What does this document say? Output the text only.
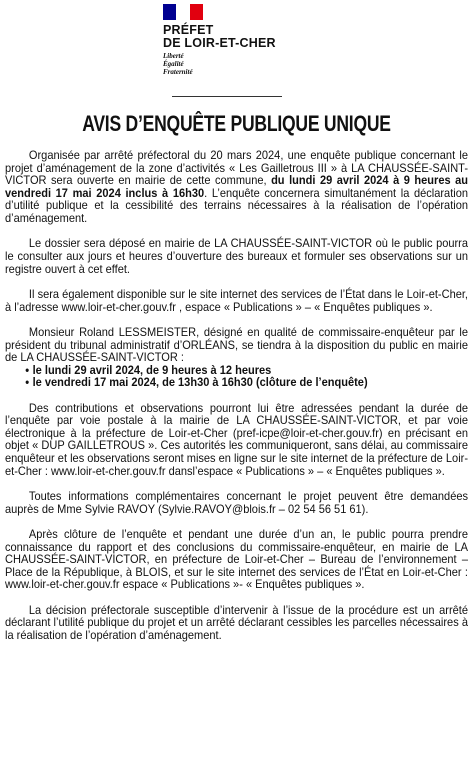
PRÉFET
DE LOIR-ET-CHER
Liberté
Égalité
Fraternité
AVIS D’ENQUÊTE PUBLIQUE UNIQUE

Organisée par arrêté préfectoral du 20 mars 2024, une enquête publique concernant le projet d’aménagement de la zone d’activités « Les Gailletrous III » à LA CHAUSSÉE-SAINT-VICTOR sera ouverte en mairie de cette commune, du lundi 29 avril 2024 à 9 heures au vendredi 17 mai 2024 inclus à 16h30. L’enquête concernera simultanément la déclaration d’utilité publique et la cessibilité des terrains nécessaires à la réalisation de l’opération d’aménagement.

Le dossier sera déposé en mairie de LA CHAUSSÉE-SAINT-VICTOR où le public pourra le consulter aux jours et heures d’ouverture des bureaux et formuler ses observations sur un registre ouvert à cet effet.

Il sera également disponible sur le site internet des services de l’État dans le Loir-et-Cher, à l’adresse www.loir-et-cher.gouv.fr , espace « Publications » – « Enquêtes publiques ».

Monsieur Roland LESSMEISTER, désigné en qualité de commissaire-enquêteur par le président du tribunal administratif d’ORLÉANS, se tiendra à la disposition du public en mairie de LA CHAUSSÉE-SAINT-VICTOR :

• le lundi 29 avril 2024, de 9 heures à 12 heures
• le vendredi 17 mai 2024, de 13h30 à 16h30 (clôture de l’enquête)

Des contributions et observations pourront lui être adressées pendant la durée de l’enquête par voie postale à la mairie de LA CHAUSSÉE-SAINT-VICTOR, et par voie électronique à la préfecture de Loir-et-Cher (pref-icpe@loir-et-cher.gouv.fr) en précisant en objet « DUP GAILLETROUS ». Ces autorités les communiqueront, sans délai, au commissaire enquêteur et les observations seront mises en ligne sur le site internet de la préfecture de Loir-et-Cher : www.loir-et-cher.gouv.fr dansl’espace « Publications » – « Enquêtes publiques ».

Toutes informations complémentaires concernant le projet peuvent être demandées auprès de Mme Sylvie RAVOY (Sylvie.RAVOY@blois.fr – 02 54 56 51 61).

Après clôture de l’enquête et pendant une durée d’un an, le public pourra prendre connaissance du rapport et des conclusions du commissaire-enquêteur, en mairie de LA CHAUSSÉE-SAINT-VICTOR, en préfecture de Loir-et-Cher – Bureau de l’environnement – Place de la République, à BLOIS, et sur le site internet des services de l’État en Loir-et-Cher : www.loir-et-cher.gouv.fr espace « Publications »- « Enquêtes publiques ».

La décision préfectorale susceptible d’intervenir à l’issue de la procédure est un arrêté déclarant l’utilité publique du projet et un arrêté déclarant cessibles les parcelles nécessaires à la réalisation de l’opération d’aménagement.
